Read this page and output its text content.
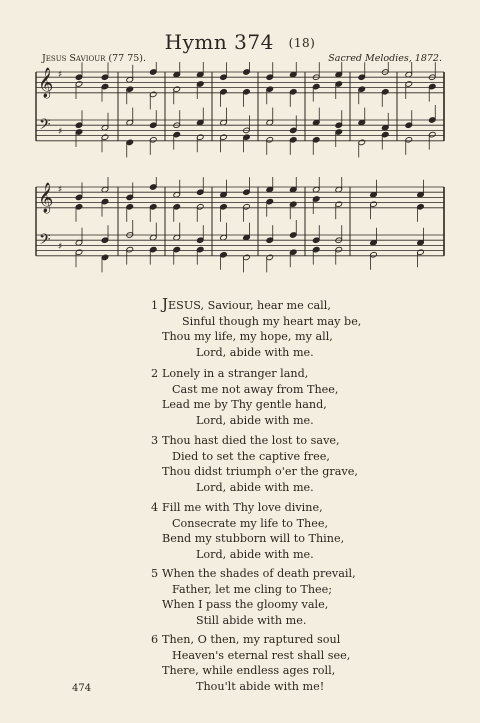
Hymn 374 (18)
Jesus Saviour (77 75).	Sacred Melodies, 1872.
𝄞
𝄢
♯
♯
𝄞
𝄢
♯
♯
1 JESUS, Saviour, hear me call,
Sinful though my heart may be,
Thou my life, my hope, my all,
Lord, abide with me.
2 Lonely in a stranger land,
Cast me not away from Thee,
Lead me by Thy gentle hand,
Lord, abide with me.
3 Thou hast died the lost to save,
Died to set the captive free,
Thou didst triumph o'er the grave,
Lord, abide with me.
4 Fill me with Thy love divine,
Consecrate my life to Thee,
Bend my stubborn will to Thine,
Lord, abide with me.
5 When the shades of death prevail,
Father, let me cling to Thee;
When I pass the gloomy vale,
Still abide with me.
6 Then, O then, my raptured soul
Heaven's eternal rest shall see,
There, while endless ages roll,
Thou'lt abide with me!
474
